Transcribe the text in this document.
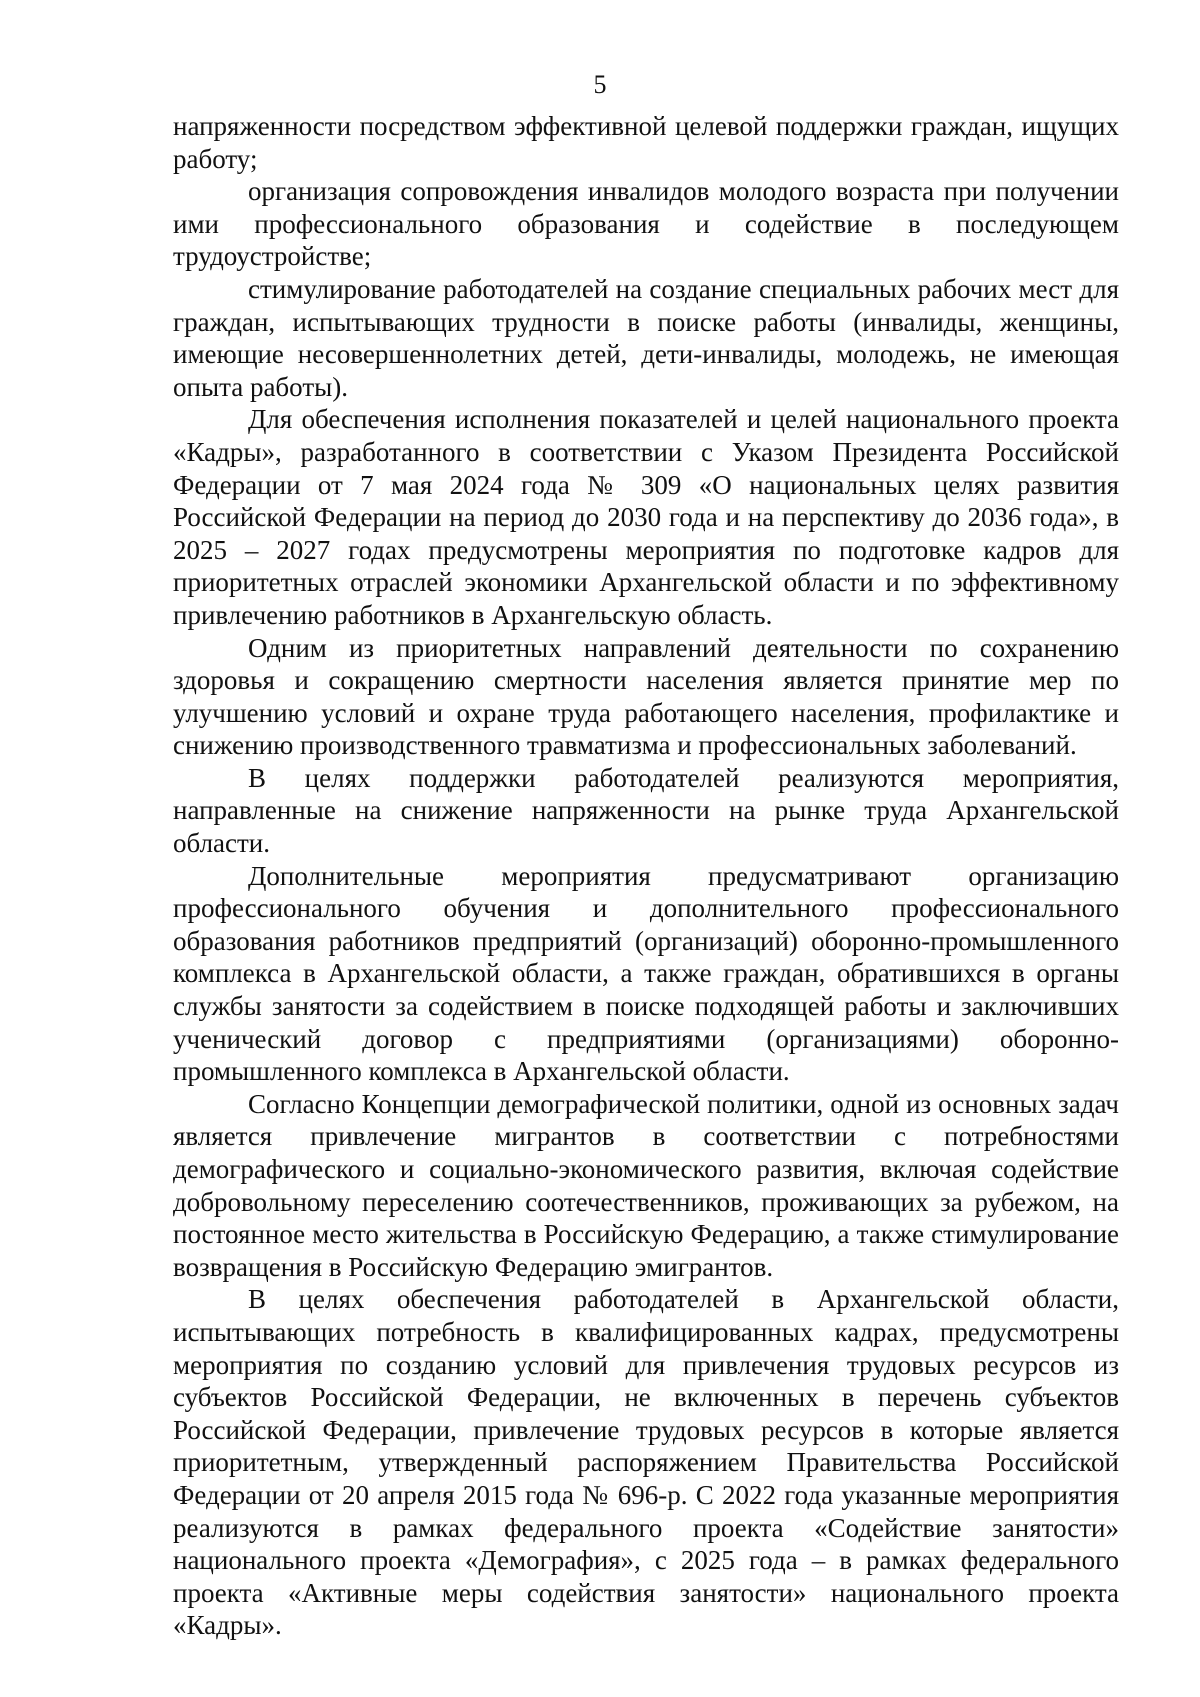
5

напряженности посредством эффективной целевой поддержки граждан, ищущих работу;

организация сопровождения инвалидов молодого возраста при получении ими профессионального образования и содействие в последующем трудоустройстве;

стимулирование работодателей на создание специальных рабочих мест для граждан, испытывающих трудности в поиске работы (инвалиды, женщины, имеющие несовершеннолетних детей, дети-инвалиды, молодежь, не имеющая опыта работы).

Для обеспечения исполнения показателей и целей национального проекта «Кадры», разработанного в соответствии с Указом Президента Российской Федерации от 7 мая 2024 года № 309 «О национальных целях развития Российской Федерации на период до 2030 года и на перспективу до 2036 года», в 2025 – 2027 годах предусмотрены мероприятия по подготовке кадров для приоритетных отраслей экономики Архангельской области и по эффективному привлечению работников в Архангельскую область.

Одним из приоритетных направлений деятельности по сохранению здоровья и сокращению смертности населения является принятие мер по улучшению условий и охране труда работающего населения, профилактике и снижению производственного травматизма и профессиональных заболеваний.

В целях поддержки работодателей реализуются мероприятия, направленные на снижение напряженности на рынке труда Архангельской области.

Дополнительные мероприятия предусматривают организацию профессионального обучения и дополнительного профессионального образования работников предприятий (организаций) оборонно-промышленного комплекса в Архангельской области, а также граждан, обратившихся в органы службы занятости за содействием в поиске подходящей работы и заключивших ученический договор с предприятиями (организациями) оборонно-промышленного комплекса в Архангельской области.

Согласно Концепции демографической политики, одной из основных задач является привлечение мигрантов в соответствии с потребностями демографического и социально-экономического развития, включая содействие добровольному переселению соотечественников, проживающих за рубежом, на постоянное место жительства в Российскую Федерацию, а также стимулирование возвращения в Российскую Федерацию эмигрантов.

В целях обеспечения работодателей в Архангельской области, испытывающих потребность в квалифицированных кадрах, предусмотрены мероприятия по созданию условий для привлечения трудовых ресурсов из субъектов Российской Федерации, не включенных в перечень субъектов Российской Федерации, привлечение трудовых ресурсов в которые является приоритетным, утвержденный распоряжением Правительства Российской Федерации от 20 апреля 2015 года № 696-р. С 2022 года указанные мероприятия реализуются в рамках федерального проекта «Содействие занятости» национального проекта «Демография», с 2025 года – в рамках федерального проекта «Активные меры содействия занятости» национального проекта «Кадры».
